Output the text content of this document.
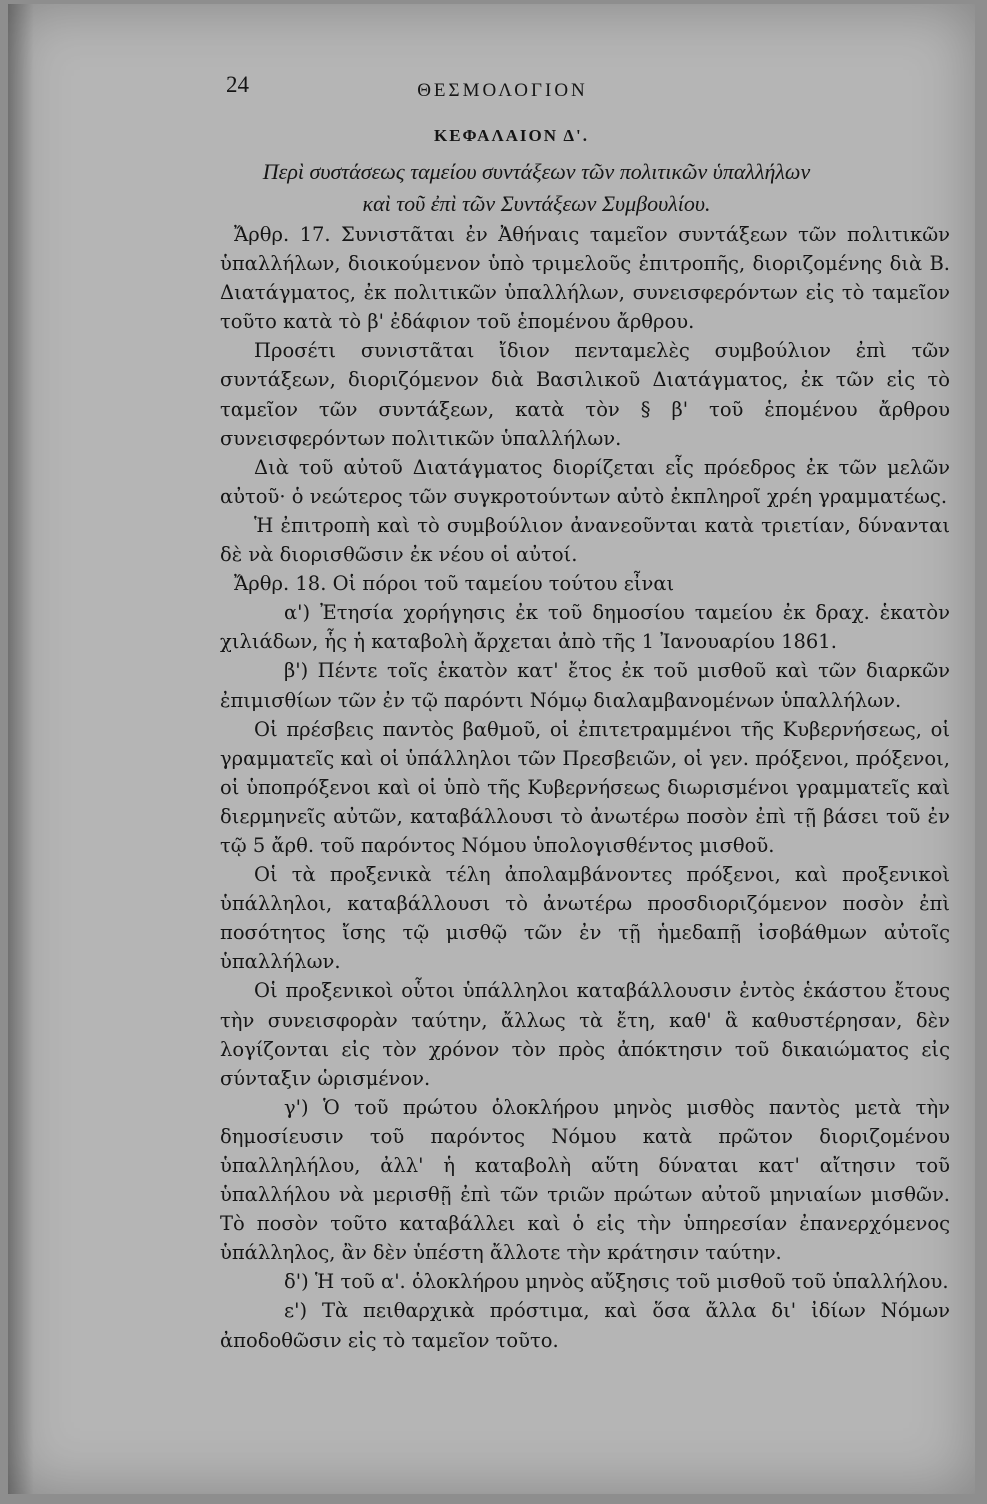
24	ΘΕΣΜΟΛΟΓΙΟΝ
ΚΕΦΑΛΑΙΟΝ Δ'.
Περὶ συστάσεως ταμείου συντάξεων τῶν πολιτικῶν ὑπαλλήλων
καὶ τοῦ ἐπὶ τῶν Συντάξεων Συμβουλίου.

Ἄρθρ. 17. Συνιστᾶται ἐν Ἀθήναις ταμεῖον συντάξεων τῶν πολιτικῶν ὑπαλλήλων, διοικούμενον ὑπὸ τριμελοῦς ἐπιτροπῆς, διοριζομένης διὰ Β. Διατάγματος, ἐκ πολιτικῶν ὑπαλλήλων, συνεισφερόντων εἰς τὸ ταμεῖον τοῦτο κατὰ τὸ β' ἐδάφιον τοῦ ἑπομένου ἄρθρου.

Προσέτι συνιστᾶται ἴδιον πενταμελὲς συμβούλιον ἐπὶ τῶν συντάξεων, διοριζόμενον διὰ Βασιλικοῦ Διατάγματος, ἐκ τῶν εἰς τὸ ταμεῖον τῶν συντάξεων, κατὰ τὸν § β' τοῦ ἑπομένου ἄρθρου συνεισφερόντων πολιτικῶν ὑπαλλήλων.

Διὰ τοῦ αὐτοῦ Διατάγματος διορίζεται εἷς πρόεδρος ἐκ τῶν μελῶν αὐτοῦ· ὁ νεώτερος τῶν συγκροτούντων αὐτὸ ἐκπληροῖ χρέη γραμματέως.

Ἡ ἐπιτροπὴ καὶ τὸ συμβούλιον ἀνανεοῦνται κατὰ τριετίαν, δύνανται δὲ νὰ διορισθῶσιν ἐκ νέου οἱ αὐτοί.

Ἄρθρ. 18. Οἱ πόροι τοῦ ταμείου τούτου εἶναι

α') Ἐτησία χορήγησις ἐκ τοῦ δημοσίου ταμείου ἐκ δραχ. ἑκατὸν χιλιάδων, ἧς ἡ καταβολὴ ἄρχεται ἀπὸ τῆς 1 Ἰανουαρίου 1861.

β') Πέντε τοῖς ἑκατὸν κατ' ἔτος ἐκ τοῦ μισθοῦ καὶ τῶν διαρκῶν ἐπιμισθίων τῶν ἐν τῷ παρόντι Νόμῳ διαλαμβανομένων ὑπαλλήλων.

Οἱ πρέσβεις παντὸς βαθμοῦ, οἱ ἐπιτετραμμένοι τῆς Κυβερνήσεως, οἱ γραμματεῖς καὶ οἱ ὑπάλληλοι τῶν Πρεσβειῶν, οἱ γεν. πρόξενοι, πρόξενοι, οἱ ὑποπρόξενοι καὶ οἱ ὑπὸ τῆς Κυβερνήσεως διωρισμένοι γραμματεῖς καὶ διερμηνεῖς αὐτῶν, καταβάλλουσι τὸ ἀνωτέρω ποσὸν ἐπὶ τῇ βάσει τοῦ ἐν τῷ 5 ἄρθ. τοῦ παρόντος Νόμου ὑπολογισθέντος μισθοῦ.

Οἱ τὰ προξενικὰ τέλη ἀπολαμβάνοντες πρόξενοι, καὶ προξενικοὶ ὑπάλληλοι, καταβάλλουσι τὸ ἀνωτέρω προσδιοριζόμενον ποσὸν ἐπὶ ποσότητος ἴσης τῷ μισθῷ τῶν ἐν τῇ ἡμεδαπῇ ἰσοβάθμων αὐτοῖς ὑπαλλήλων.

Οἱ προξενικοὶ οὗτοι ὑπάλληλοι καταβάλλουσιν ἐντὸς ἑκάστου ἔτους τὴν συνεισφορὰν ταύτην, ἄλλως τὰ ἔτη, καθ' ἃ καθυστέρησαν, δὲν λογίζονται εἰς τὸν χρόνον τὸν πρὸς ἀπόκτησιν τοῦ δικαιώματος εἰς σύνταξιν ὡρισμένον.

γ') Ὁ τοῦ πρώτου ὁλοκλήρου μηνὸς μισθὸς παντὸς μετὰ τὴν δημοσίευσιν τοῦ παρόντος Νόμου κατὰ πρῶτον διοριζομένου ὑπαλληλήλου, ἀλλ' ἡ καταβολὴ αὕτη δύναται κατ' αἴτησιν τοῦ ὑπαλλήλου νὰ μερισθῇ ἐπὶ τῶν τριῶν πρώτων αὐτοῦ μηνιαίων μισθῶν. Τὸ ποσὸν τοῦτο καταβάλλει καὶ ὁ εἰς τὴν ὑπηρεσίαν ἐπανερχόμενος ὑπάλληλος, ἂν δὲν ὑπέστη ἄλλοτε τὴν κράτησιν ταύτην.

δ') Ἡ τοῦ α'. ὁλοκλήρου μηνὸς αὔξησις τοῦ μισθοῦ τοῦ ὑπαλλήλου.

ε') Τὰ πειθαρχικὰ πρόστιμα, καὶ ὅσα ἄλλα δι' ἰδίων Νόμων ἀποδοθῶσιν εἰς τὸ ταμεῖον τοῦτο.
